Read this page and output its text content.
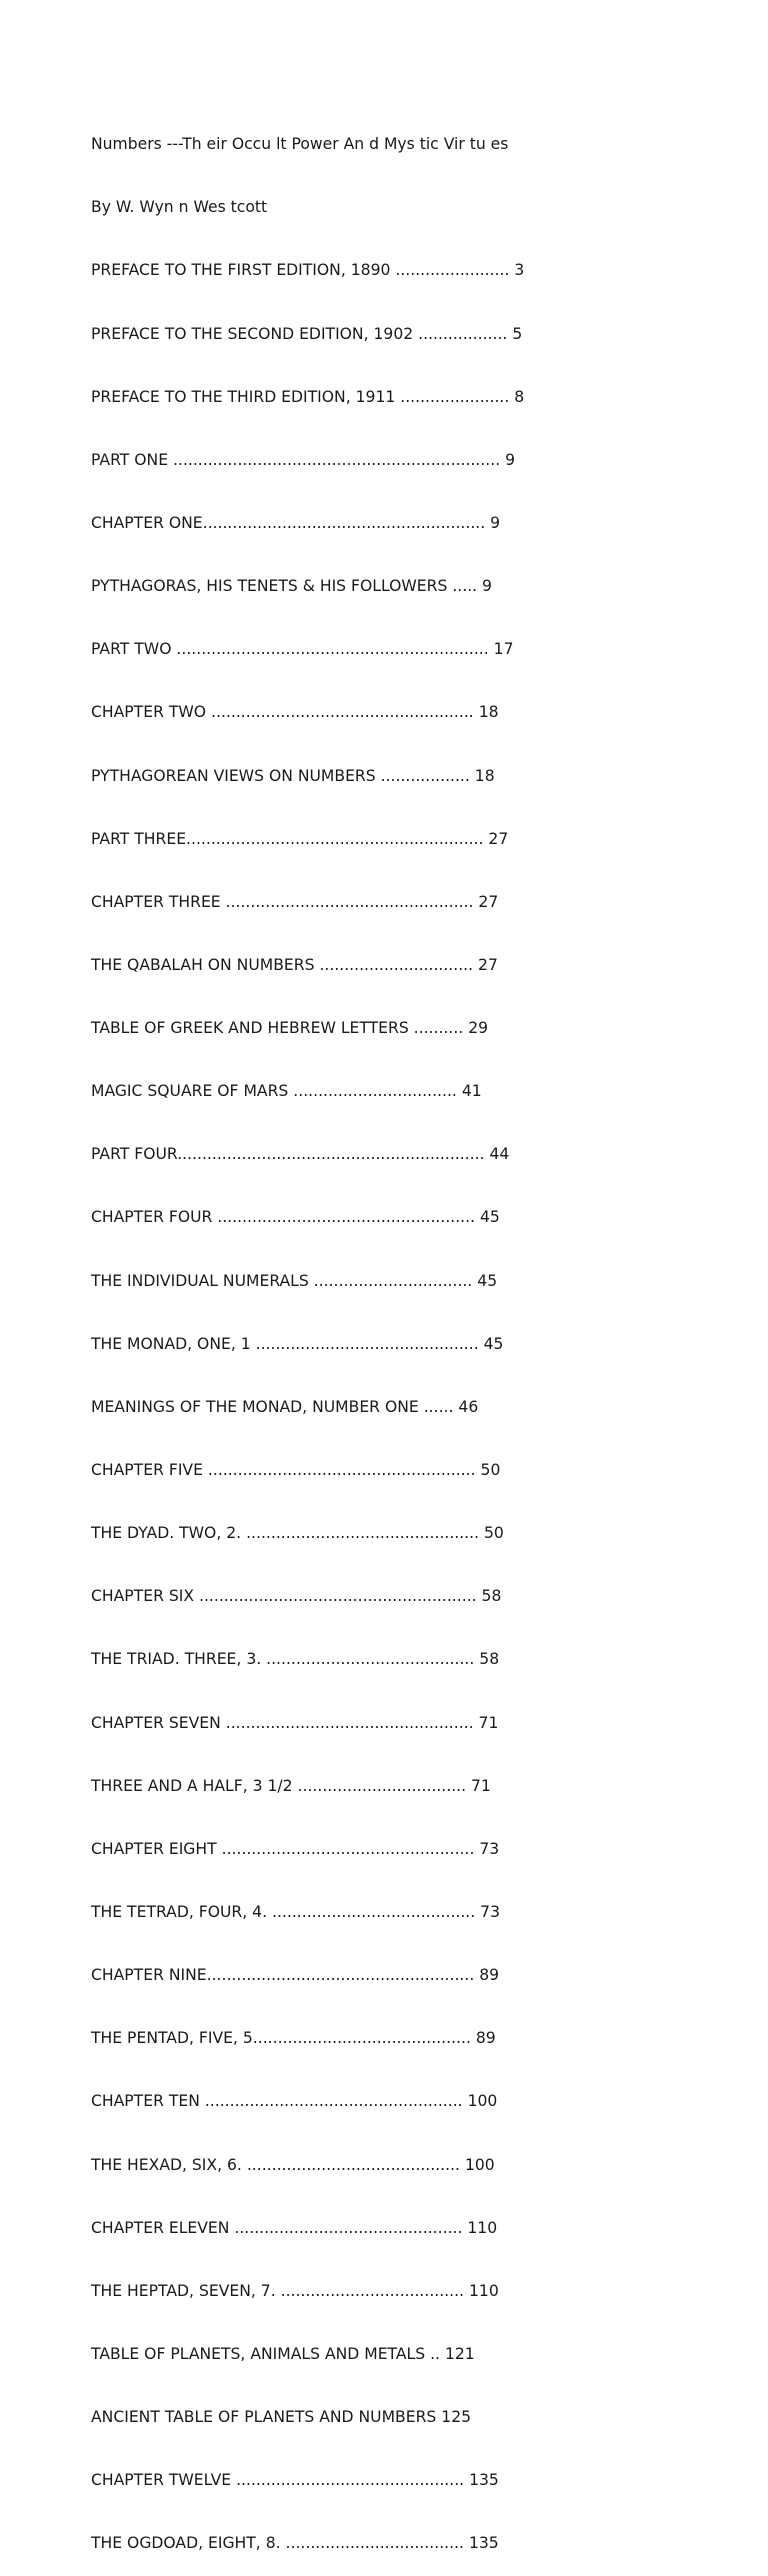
Numbers ---Th eir Occu lt Power An d Mys tic Vir tu es

By W. Wyn n Wes tcott

PREFACE TO THE FIRST EDITION, 1890 ....................... 3

PREFACE TO THE SECOND EDITION, 1902 .................. 5

PREFACE TO THE THIRD EDITION, 1911 ...................... 8

PART ONE .................................................................. 9

CHAPTER ONE......................................................... 9

PYTHAGORAS, HIS TENETS & HIS FOLLOWERS ..... 9

PART TWO ............................................................... 17

CHAPTER TWO ..................................................... 18

PYTHAGOREAN VIEWS ON NUMBERS .................. 18

PART THREE............................................................ 27

CHAPTER THREE .................................................. 27

THE QABALAH ON NUMBERS ............................... 27

TABLE OF GREEK AND HEBREW LETTERS .......... 29

MAGIC SQUARE OF MARS ................................. 41

PART FOUR.............................................................. 44

CHAPTER FOUR .................................................... 45

THE INDIVIDUAL NUMERALS ................................ 45

THE MONAD, ONE, 1 ............................................. 45

MEANINGS OF THE MONAD, NUMBER ONE ...... 46

CHAPTER FIVE ...................................................... 50

THE DYAD. TWO, 2. ............................................... 50

CHAPTER SIX ........................................................ 58

THE TRIAD. THREE, 3. .......................................... 58

CHAPTER SEVEN .................................................. 71

THREE AND A HALF, 3 1/2 .................................. 71

CHAPTER EIGHT ................................................... 73

THE TETRAD, FOUR, 4. ......................................... 73

CHAPTER NINE...................................................... 89

THE PENTAD, FIVE, 5............................................ 89

CHAPTER TEN .................................................... 100

THE HEXAD, SIX, 6. ........................................... 100

CHAPTER ELEVEN .............................................. 110

THE HEPTAD, SEVEN, 7. ..................................... 110

TABLE OF PLANETS, ANIMALS AND METALS .. 121

ANCIENT TABLE OF PLANETS AND NUMBERS 125

CHAPTER TWELVE .............................................. 135

THE OGDOAD, EIGHT, 8. .................................... 135
